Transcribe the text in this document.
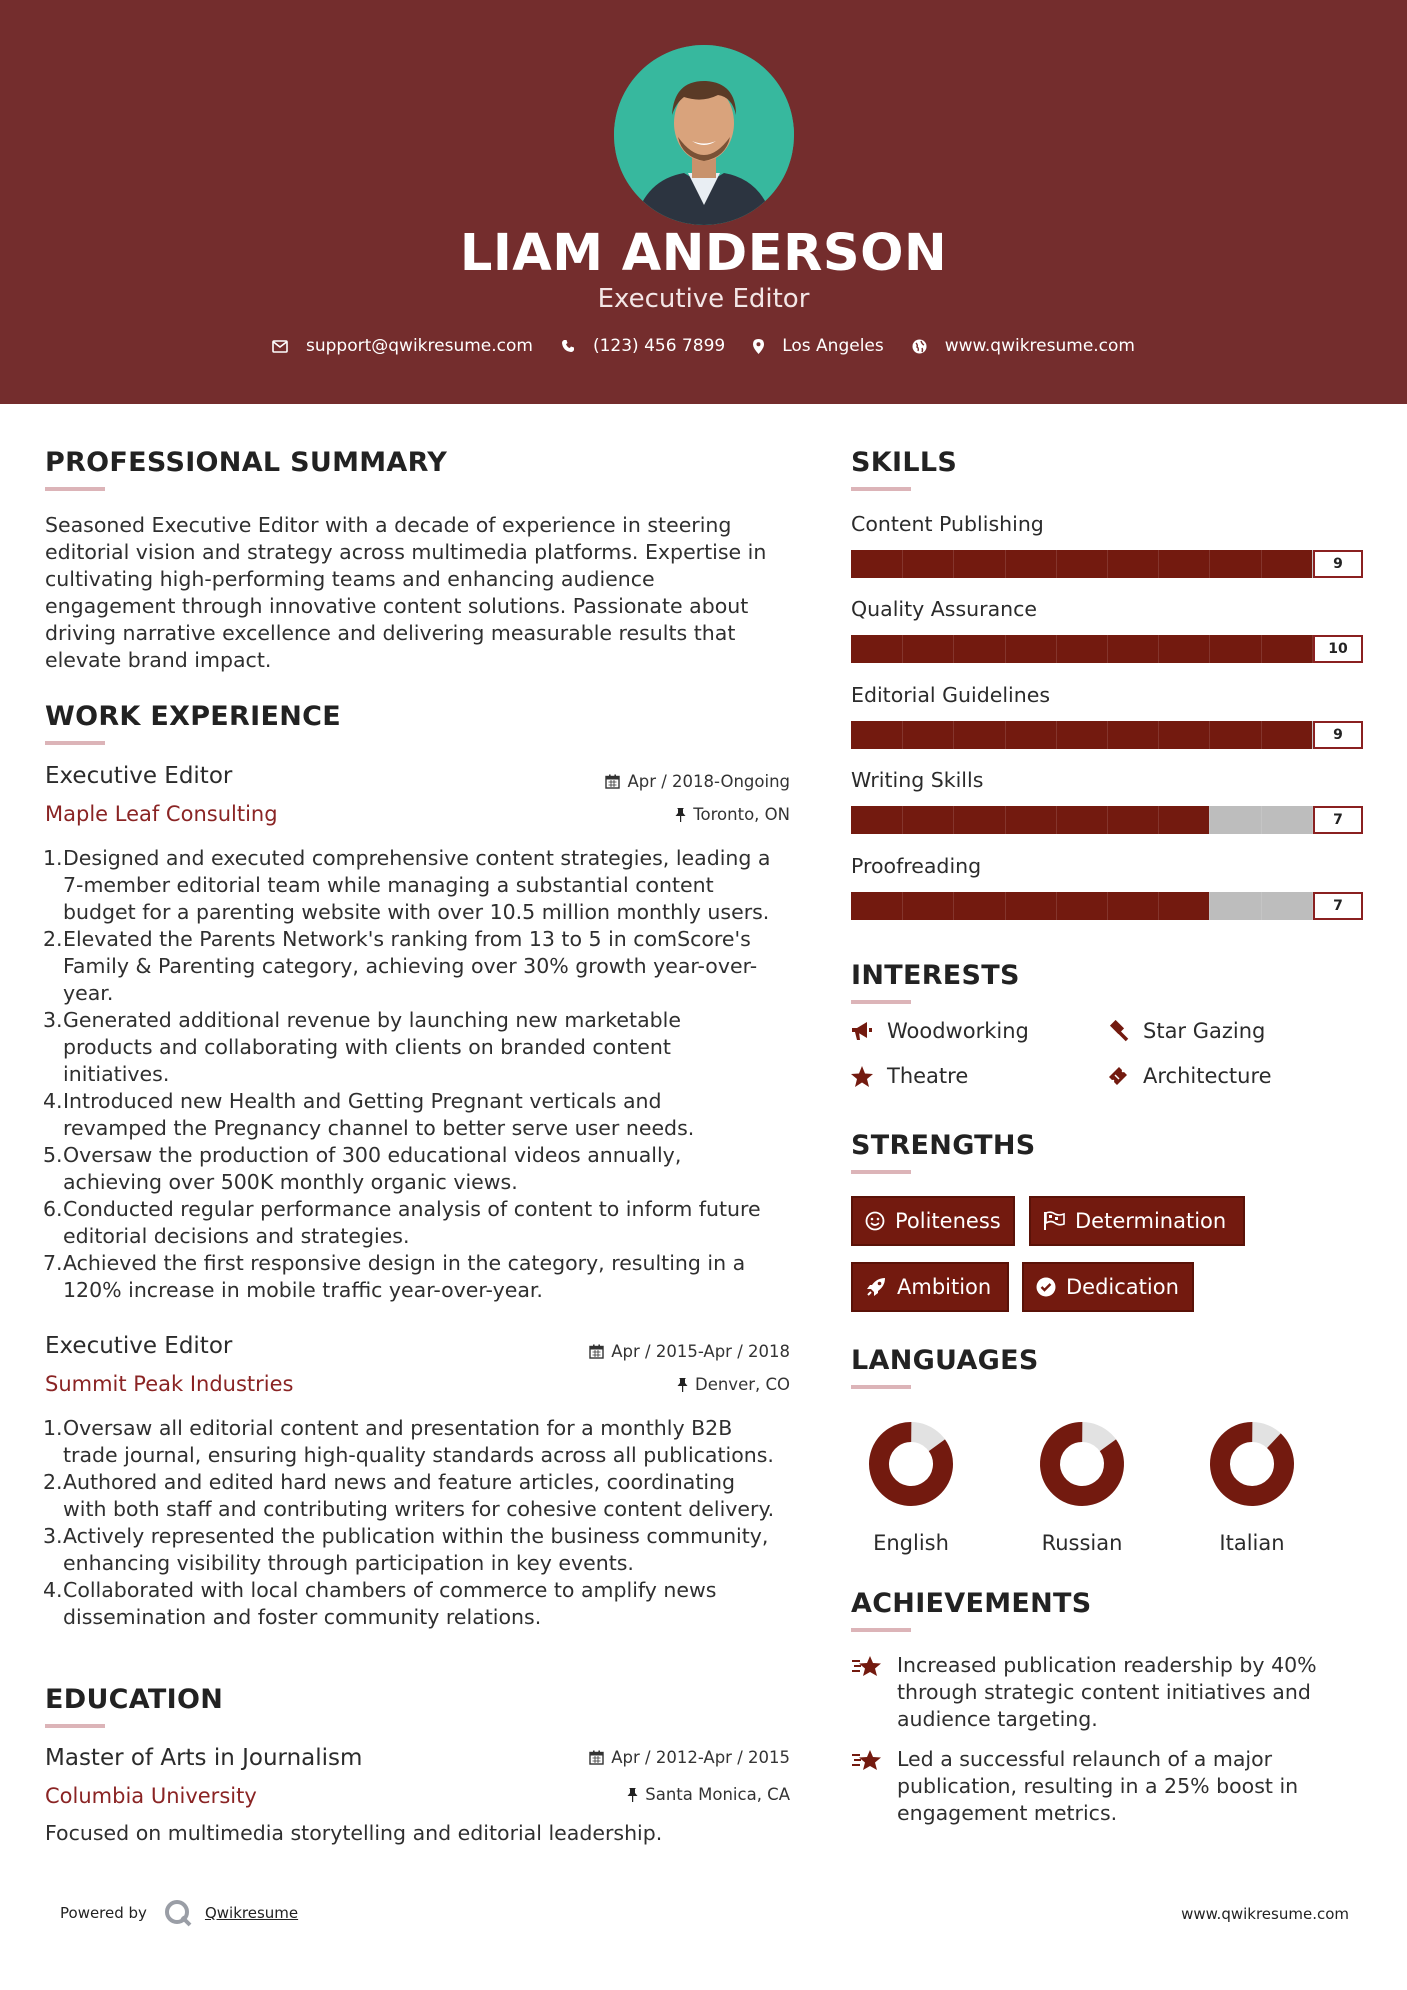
LIAM ANDERSON
Executive Editor
support@qwikresume.com	(123) 456 7899	Los Angeles	www.qwikresume.com
PROFESSIONAL SUMMARY
Seasoned Executive Editor with a decade of experience in steering
editorial vision and strategy across multimedia platforms. Expertise in
cultivating high-performing teams and enhancing audience
engagement through innovative content solutions. Passionate about
driving narrative excellence and delivering measurable results that
elevate brand impact.
WORK EXPERIENCE
Executive Editor	Apr / 2018-Ongoing
Maple Leaf Consulting	Toronto, ON
1 . Designed and executed comprehensive content strategies, leading a
7-member editorial team while managing a substantial content
budget for a parenting website with over 10.5 million monthly users.
2 . Elevated the Parents Network's ranking from 13 to 5 in comScore's
Family & Parenting category, achieving over 30% growth year-over-
year.
3 . Generated additional revenue by launching new marketable
products and collaborating with clients on branded content
initiatives.
4 . Introduced new Health and Getting Pregnant verticals and
revamped the Pregnancy channel to better serve user needs.
5 . Oversaw the production of 300 educational videos annually,
achieving over 500K monthly organic views.
6 . Conducted regular performance analysis of content to inform future
editorial decisions and strategies.
7 . Achieved the first responsive design in the category, resulting in a
120% increase in mobile traffic year-over-year.
Executive Editor	Apr / 2015-Apr / 2018
Summit Peak Industries	Denver, CO
1 . Oversaw all editorial content and presentation for a monthly B2B
trade journal, ensuring high-quality standards across all publications.
2 . Authored and edited hard news and feature articles, coordinating
with both staff and contributing writers for cohesive content delivery.
3 . Actively represented the publication within the business community,
enhancing visibility through participation in key events.
4 . Collaborated with local chambers of commerce to amplify news
dissemination and foster community relations.
EDUCATION
Master of Arts in Journalism	Apr / 2012-Apr / 2015
Columbia University	Santa Monica, CA
Focused on multimedia storytelling and editorial leadership.
SKILLS
Content Publishing
9
Quality Assurance
10
Editorial Guidelines
9
Writing Skills
7
Proofreading
7
INTERESTS
Woodworking	Star Gazing
Theatre	Architecture
STRENGTHS
Politeness	Determination
Ambition	Dedication
LANGUAGES
English	Russian	Italian
ACHIEVEMENTS
Increased publication readership by 40%
through strategic content initiatives and
audience targeting.
Led a successful relaunch of a major
publication, resulting in a 25% boost in
engagement metrics.
Powered by	Qwikresume	www.qwikresume.com
